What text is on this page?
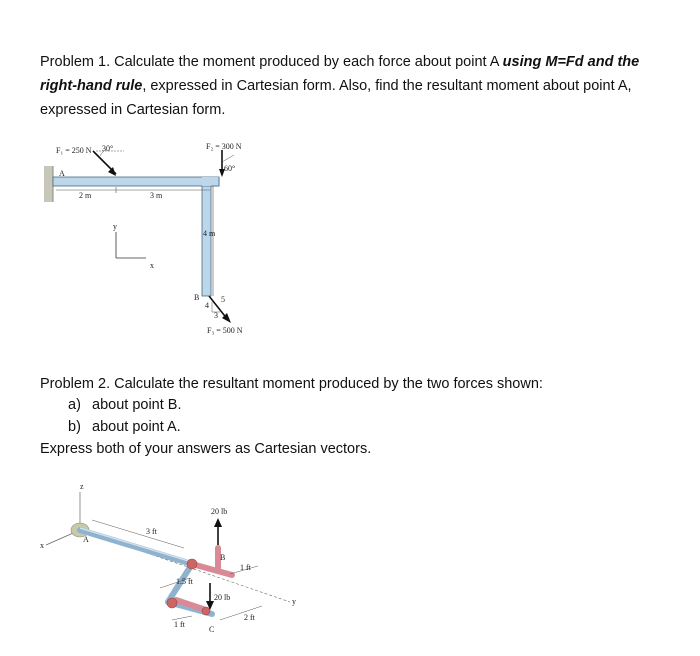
Problem 1. Calculate the moment produced by each force about point A using M=Fd and the right-hand rule, expressed in Cartesian form. Also, find the resultant moment about point A, expressed in Cartesian form.

F₁ = 250 N 30°	F₂ = 300 N
60°
F₃ = 500 N
A
B
2 m	3 m
4 m
y
x
4
5
3

Problem 2. Calculate the resultant moment produced by the two forces shown:

a) about point B.
b) about point A.
Express both of your answers as Cartesian vectors.
z
x
y
A
B
C
20 lb
20 lb
3 ft
1.5 ft
1 ft
2 ft
1 ft
